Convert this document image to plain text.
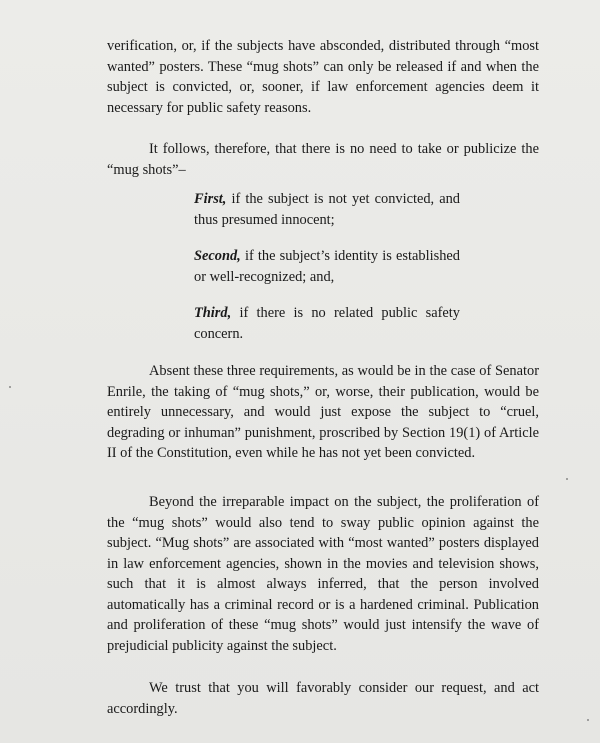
verification, or, if the subjects have absconded, distributed through “most wanted” posters. These “mug shots” can only be released if and when the subject is convicted, or, sooner, if law enforcement agencies deem it necessary for public safety reasons.
It follows, therefore, that there is no need to take or publicize the “mug shots”–
First, if the subject is not yet convicted, and thus presumed innocent;
Second, if the subject’s identity is established or well-recognized; and,
Third, if there is no related public safety concern.
Absent these three requirements, as would be in the case of Senator Enrile, the taking of “mug shots,” or, worse, their publication, would be entirely unnecessary, and would just expose the subject to “cruel, degrading or inhuman” punishment, proscribed by Section 19(1) of Article II of the Constitution, even while he has not yet been convicted.
Beyond the irreparable impact on the subject, the proliferation of the “mug shots” would also tend to sway public opinion against the subject. “Mug shots” are associated with “most wanted” posters displayed in law enforcement agencies, shown in the movies and television shows, such that it is almost always inferred, that the person involved automatically has a criminal record or is a hardened criminal. Publication and proliferation of these “mug shots” would just intensify the wave of prejudicial publicity against the subject.
We trust that you will favorably consider our request, and act accordingly.
